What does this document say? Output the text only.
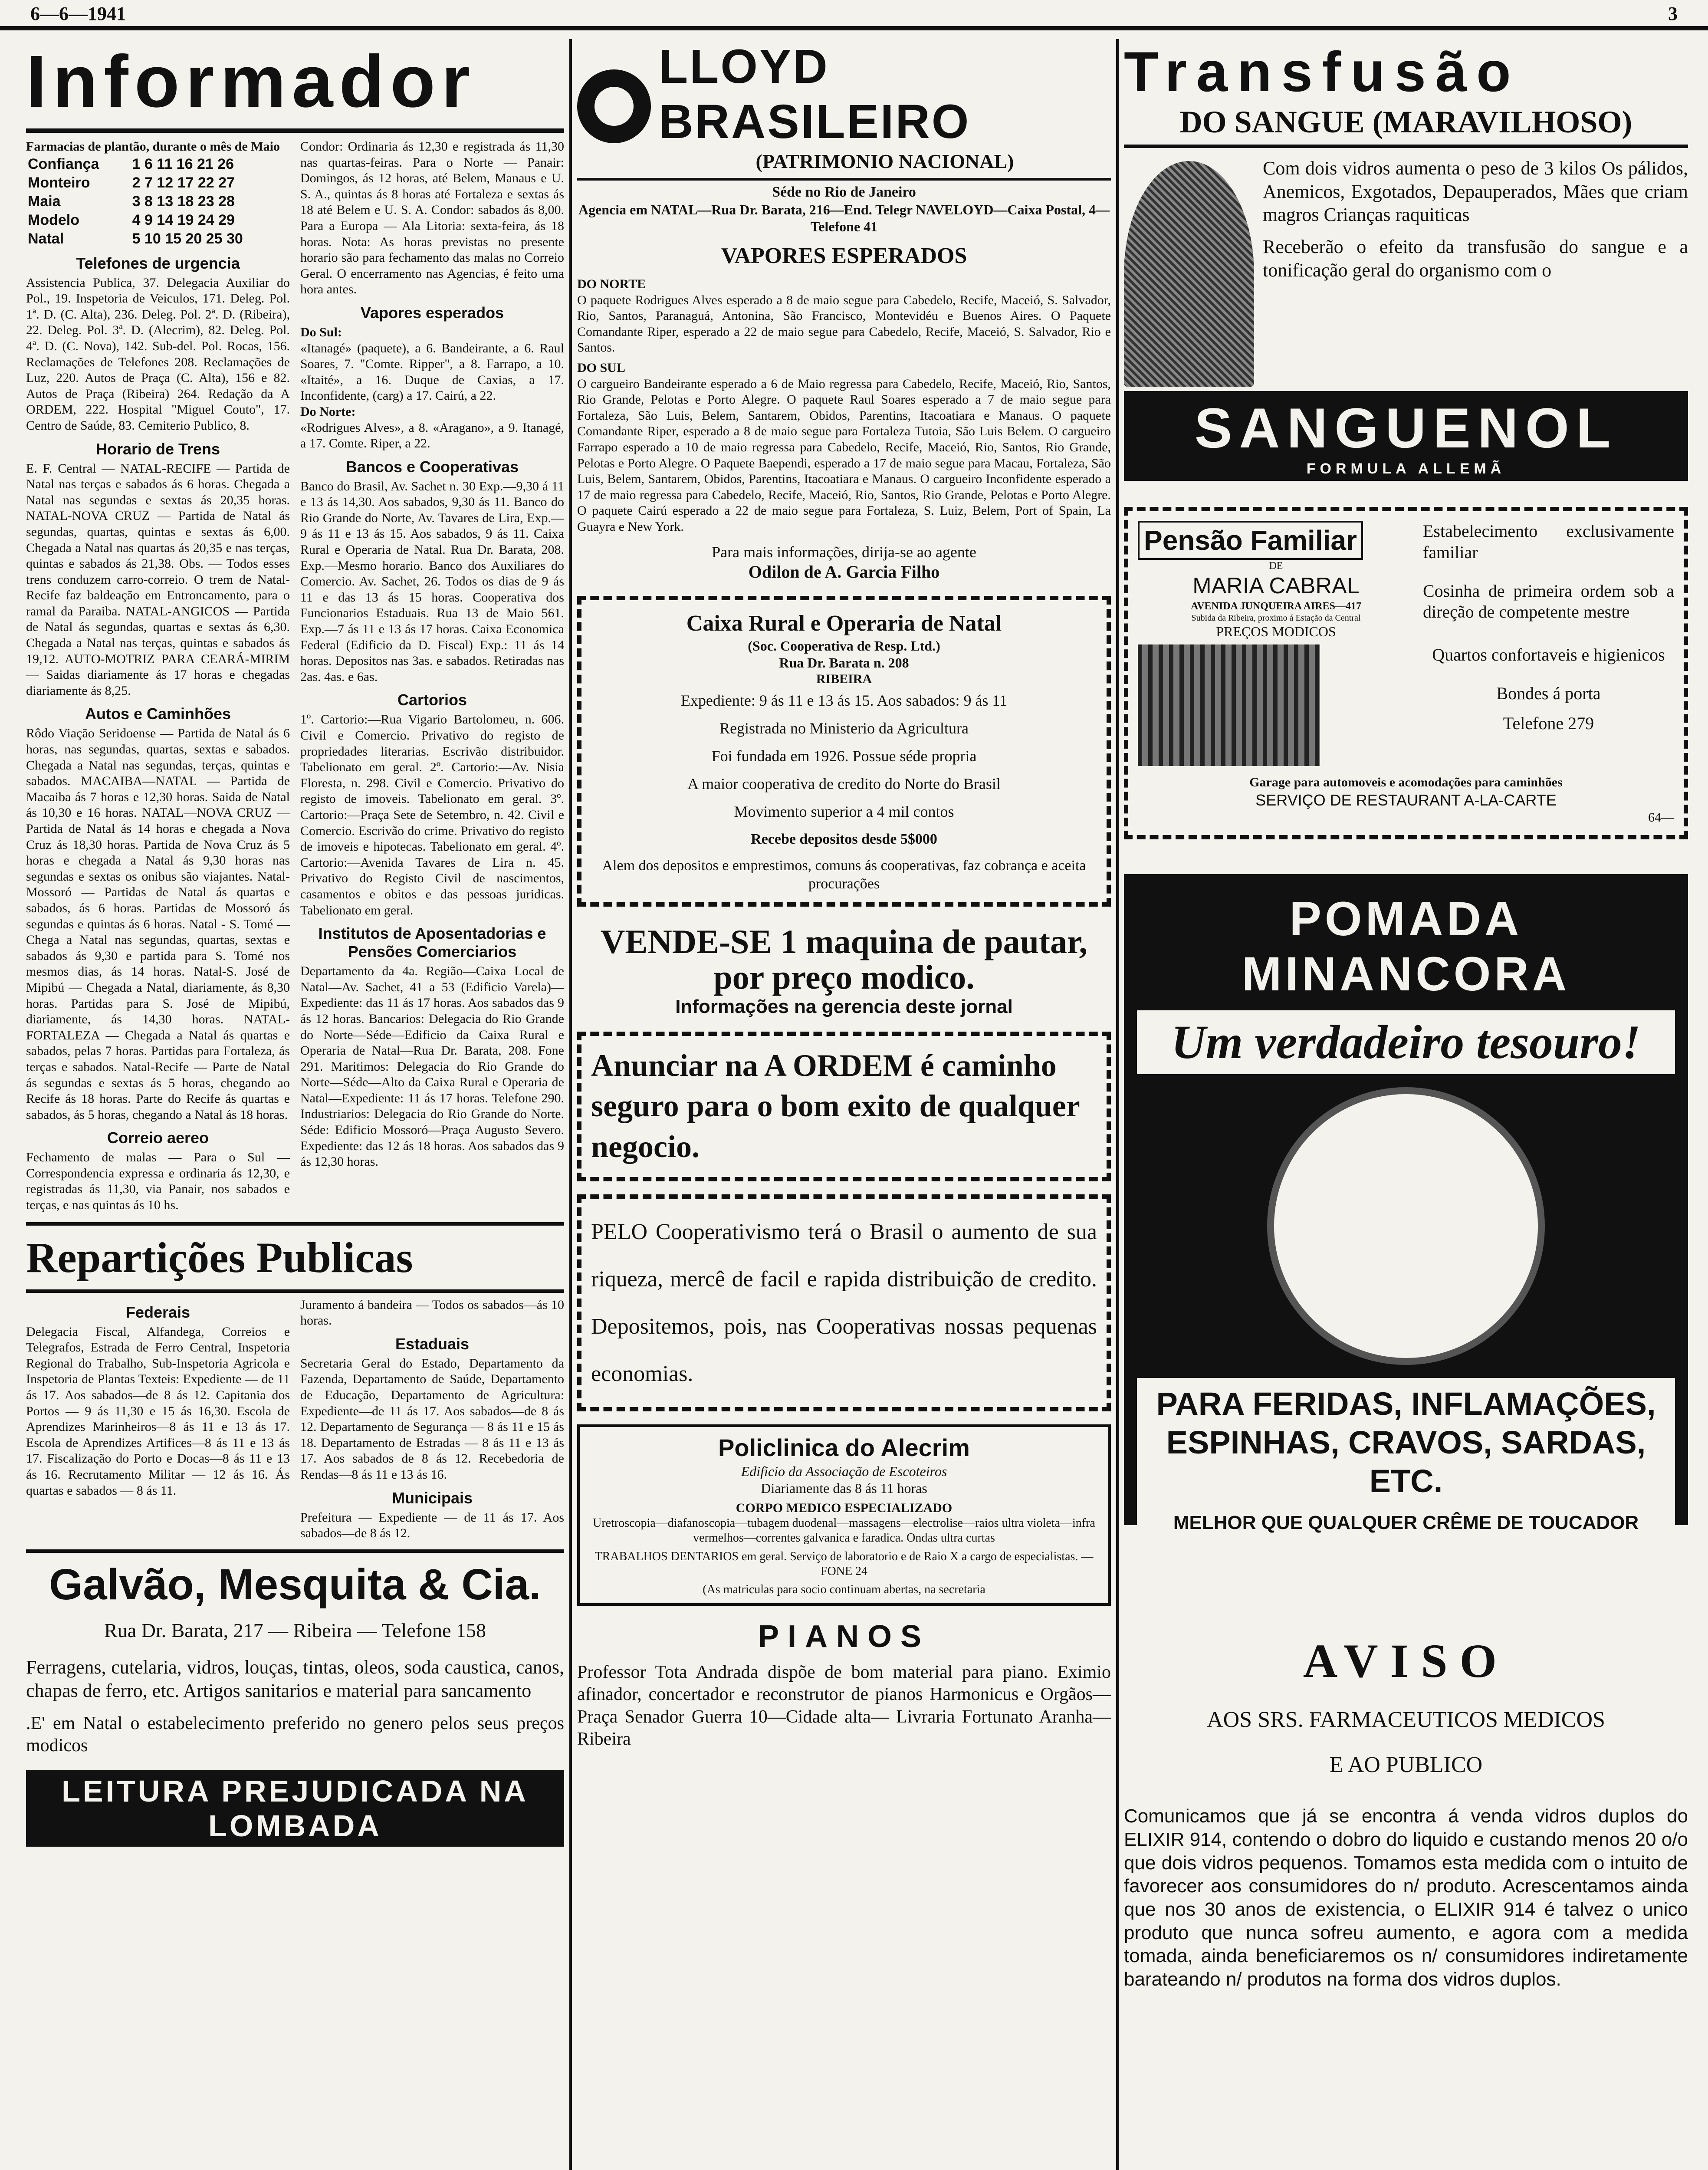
6—6—1941	3
Informador

Farmacias de plantão, durante o mês de Maio

Confiança	1 6 11 16 21 26
Monteiro	2 7 12 17 22 27
Maia	3 8 13 18 23 28
Modelo	4 9 14 19 24 29
Natal	5 10 15 20 25 30

Telefones de urgencia

Assistencia Publica, 37. Delegacia Auxiliar do Pol., 19. Inspetoria de Veiculos, 171. Deleg. Pol. 1ª. D. (C. Alta), 236. Deleg. Pol. 2ª. D. (Ribeira), 22. Deleg. Pol. 3ª. D. (Alecrim), 82. Deleg. Pol. 4ª. D. (C. Nova), 142. Sub-del. Pol. Rocas, 156. Reclamações de Telefones 208. Reclamações de Luz, 220. Autos de Praça (C. Alta), 156 e 82. Autos de Praça (Ribeira) 264. Redação da A ORDEM, 222. Hospital "Miguel Couto", 17. Centro de Saúde, 83. Cemiterio Publico, 8.

Horario de Trens

E. F. Central — NATAL-RECIFE — Partida de Natal nas terças e sabados ás 6 horas. Chegada a Natal nas segundas e sextas ás 20,35 horas. NATAL-NOVA CRUZ — Partida de Natal ás segundas, quartas, quintas e sextas ás 6,00. Chegada a Natal nas quartas ás 20,35 e nas terças, quintas e sabados ás 21,38. Obs. — Todos esses trens conduzem carro-correio. O trem de Natal-Recife faz baldeação em Entroncamento, para o ramal da Paraiba. NATAL-ANGICOS — Partida de Natal ás segundas, quartas e sextas ás 6,30. Chegada a Natal nas terças, quintas e sabados ás 19,12. AUTO-MOTRIZ PARA CEARÁ-MIRIM — Saidas diariamente ás 17 horas e chegadas diariamente ás 8,25.

Autos e Caminhões

Rôdo Viação Seridoense — Partida de Natal ás 6 horas, nas segundas, quartas, sextas e sabados. Chegada a Natal nas segundas, terças, quintas e sabados. MACAIBA—NATAL — Partida de Macaiba ás 7 horas e 12,30 horas. Saida de Natal ás 10,30 e 16 horas. NATAL—NOVA CRUZ — Partida de Natal ás 14 horas e chegada a Nova Cruz ás 18,30 horas. Partida de Nova Cruz ás 5 horas e chegada a Natal ás 9,30 horas nas segundas e sextas os onibus são viajantes. Natal-Mossoró — Partidas de Natal ás quartas e sabados, ás 6 horas. Partidas de Mossoró ás segundas e quintas ás 6 horas. Natal - S. Tomé — Chega a Natal nas segundas, quartas, sextas e sabados ás 9,30 e partida para S. Tomé nos mesmos dias, ás 14 horas. Natal-S. José de Mipibú — Chegada a Natal, diariamente, ás 8,30 horas. Partidas para S. José de Mipibú, diariamente, ás 14,30 horas. NATAL-FORTALEZA — Chegada a Natal ás quartas e sabados, pelas 7 horas. Partidas para Fortaleza, ás terças e sabados. Natal-Recife — Parte de Natal ás segundas e sextas ás 5 horas, chegando ao Recife ás 18 horas. Parte do Recife ás quartas e sabados, ás 5 horas, chegando a Natal ás 18 horas.

Correio aereo

Fechamento de malas — Para o Sul — Correspondencia expressa e ordinaria ás 12,30, e registradas ás 11,30, via Panair, nos sabados e terças, e nas quintas ás 10 hs.

Condor: Ordinaria ás 12,30 e registrada ás 11,30 nas quartas-feiras. Para o Norte — Panair: Domingos, ás 12 horas, até Belem, Manaus e U. S. A., quintas ás 8 horas até Fortaleza e sextas ás 18 até Belem e U. S. A. Condor: sabados ás 8,00. Para a Europa — Ala Litoria: sexta-feira, ás 18 horas. Nota: As horas previstas no presente horario são para fechamento das malas no Correio Geral. O encerramento nas Agencias, é feito uma hora antes.

Vapores esperados

Do Sul:

«Itanagé» (paquete), a 6. Bandeirante, a 6. Raul Soares, 7. "Comte. Ripper", a 8. Farrapo, a 10. «Itaité», a 16. Duque de Caxias, a 17. Inconfidente, (carg) a 17. Cairú, a 22.

Do Norte:

«Rodrigues Alves», a 8. «Aragano», a 9. Itanagé, a 17. Comte. Riper, a 22.

Bancos e Cooperativas

Banco do Brasil, Av. Sachet n. 30 Exp.—9,30 á 11 e 13 ás 14,30. Aos sabados, 9,30 ás 11. Banco do Rio Grande do Norte, Av. Tavares de Lira, Exp.—9 ás 11 e 13 ás 15. Aos sabados, 9 ás 11. Caixa Rural e Operaria de Natal. Rua Dr. Barata, 208. Exp.—Mesmo horario. Banco dos Auxiliares do Comercio. Av. Sachet, 26. Todos os dias de 9 ás 11 e das 13 ás 15 horas. Cooperativa dos Funcionarios Estaduais. Rua 13 de Maio 561. Exp.—7 ás 11 e 13 ás 17 horas. Caixa Economica Federal (Edificio da D. Fiscal) Exp.: 11 ás 14 horas. Depositos nas 3as. e sabados. Retiradas nas 2as. 4as. e 6as.

Cartorios

1º. Cartorio:—Rua Vigario Bartolomeu, n. 606. Civil e Comercio. Privativo do registo de propriedades literarias. Escrivão distribuidor. Tabelionato em geral. 2º. Cartorio:—Av. Nisia Floresta, n. 298. Civil e Comercio. Privativo do registo de imoveis. Tabelionato em geral. 3º. Cartorio:—Praça Sete de Setembro, n. 42. Civil e Comercio. Escrivão do crime. Privativo do registo de imoveis e hipotecas. Tabelionato em geral. 4º. Cartorio:—Avenida Tavares de Lira n. 45. Privativo do Registo Civil de nascimentos, casamentos e obitos e das pessoas juridicas. Tabelionato em geral.

Institutos de Aposentadorias e Pensões Comerciarios

Departamento da 4a. Região—Caixa Local de Natal—Av. Sachet, 41 a 53 (Edificio Varela)—Expediente: das 11 ás 17 horas. Aos sabados das 9 ás 12 horas. Bancarios: Delegacia do Rio Grande do Norte—Séde—Edificio da Caixa Rural e Operaria de Natal—Rua Dr. Barata, 208. Fone 291. Maritimos: Delegacia do Rio Grande do Norte—Séde—Alto da Caixa Rural e Operaria de Natal—Expediente: 11 ás 17 horas. Telefone 290. Industriarios: Delegacia do Rio Grande do Norte. Séde: Edificio Mossoró—Praça Augusto Severo. Expediente: das 12 ás 18 horas. Aos sabados das 9 ás 12,30 horas.

Repartições Publicas

Federais

Delegacia Fiscal, Alfandega, Correios e Telegrafos, Estrada de Ferro Central, Inspetoria Regional do Trabalho, Sub-Inspetoria Agricola e Inspetoria de Plantas Texteis: Expediente — de 11 ás 17. Aos sabados—de 8 ás 12. Capitania dos Portos — 9 ás 11,30 e 15 ás 16,30. Escola de Aprendizes Marinheiros—8 ás 11 e 13 ás 17. Escola de Aprendizes Artifices—8 ás 11 e 13 ás 17. Fiscalização do Porto e Docas—8 ás 11 e 13 ás 16. Recrutamento Militar — 12 ás 16. Ás quartas e sabados — 8 ás 11.

Juramento á bandeira — Todos os sabados—ás 10 horas.

Estaduais

Secretaria Geral do Estado, Departamento da Fazenda, Departamento de Saúde, Departamento de Educação, Departamento de Agricultura: Expediente—de 11 ás 17. Aos sabados—de 8 ás 12. Departamento de Segurança — 8 ás 11 e 15 ás 18. Departamento de Estradas — 8 ás 11 e 13 ás 17. Aos sabados de 8 ás 12. Recebedoria de Rendas—8 ás 11 e 13 ás 16.

Municipais

Prefeitura — Expediente — de 11 ás 17. Aos sabados—de 8 ás 12.

Galvão, Mesquita & Cia.

Rua Dr. Barata, 217 — Ribeira — Telefone 158

Ferragens, cutelaria, vidros, louças, tintas, oleos, soda caustica, canos, chapas de ferro, etc. Artigos sanitarios e material para sancamento

.E' em Natal o estabelecimento preferido no genero pelos seus preços modicos

LEITURA PREJUDICADA NA LOMBADA
LLOYD BRASILEIRO

(PATRIMONIO NACIONAL)

Séde no Rio de Janeiro

Agencia em NATAL—Rua Dr. Barata, 216—End. Telegr NAVELOYD—Caixa Postal, 4—Telefone 41

VAPORES ESPERADOS

DO NORTE

O paquete Rodrigues Alves esperado a 8 de maio segue para Cabedelo, Recife, Maceió, S. Salvador, Rio, Santos, Paranaguá, Antonina, São Francisco, Montevidéu e Buenos Aires. O Paquete Comandante Riper, esperado a 22 de maio segue para Cabedelo, Recife, Maceió, S. Salvador, Rio e Santos.

DO SUL

O cargueiro Bandeirante esperado a 6 de Maio regressa para Cabedelo, Recife, Maceió, Rio, Santos, Rio Grande, Pelotas e Porto Alegre. O paquete Raul Soares esperado a 7 de maio segue para Fortaleza, São Luis, Belem, Santarem, Obidos, Parentins, Itacoatiara e Manaus. O paquete Comandante Riper, esperado a 8 de maio segue para Fortaleza Tutoia, São Luis Belem. O cargueiro Farrapo esperado a 10 de maio regressa para Cabedelo, Recife, Maceió, Rio, Santos, Rio Grande, Pelotas e Porto Alegre. O Paquete Baependi, esperado a 17 de maio segue para Macau, Fortaleza, São Luis, Belem, Santarem, Obidos, Parentins, Itacoatiara e Manaus. O cargueiro Inconfidente esperado a 17 de maio regressa para Cabedelo, Recife, Maceió, Rio, Santos, Rio Grande, Pelotas e Porto Alegre. O paquete Cairú esperado a 22 de maio segue para Fortaleza, S. Luiz, Belem, Port of Spain, La Guayra e New York.

Para mais informações, dirija-se ao agente

Odilon de A. Garcia Filho

Caixa Rural e Operaria de Natal

(Soc. Cooperativa de Resp. Ltd.)

Rua Dr. Barata n. 208

RIBEIRA

Expediente: 9 ás 11 e 13 ás 15. Aos sabados: 9 ás 11

Registrada no Ministerio da Agricultura

Foi fundada em 1926. Possue séde propria

A maior cooperativa de credito do Norte do Brasil

Movimento superior a 4 mil contos

Recebe depositos desde 5$000

Alem dos depositos e emprestimos, comuns ás cooperativas, faz cobrança e aceita procurações

VENDE-SE 1 maquina de pautar, por preço modico.

Informações na gerencia deste jornal

Anunciar na A ORDEM é caminho seguro para o bom exito de qualquer negocio.

PELO Cooperativismo terá o Brasil o aumento de sua riqueza, mercê de facil e rapida distribuição de credito. Depositemos, pois, nas Cooperativas nossas pequenas economias.

Policlinica do Alecrim

Edificio da Associação de Escoteiros

Diariamente das 8 ás 11 horas

CORPO MEDICO ESPECIALIZADO

Uretroscopia—diafanoscopia—tubagem duodenal—massagens—electrolise—raios ultra violeta—infra vermelhos—correntes galvanica e faradica. Ondas ultra curtas

TRABALHOS DENTARIOS em geral. Serviço de laboratorio e de Raio X a cargo de especialistas. —FONE 24

(As matriculas para socio continuam abertas, na secretaria

PIANOS

Professor Tota Andrada dispõe de bom material para piano. Eximio afinador, concertador e reconstrutor de pianos Harmonicus e Orgãos—Praça Senador Guerra 10—Cidade alta— Livraria Fortunato Aranha—Ribeira

Transfusão

DO SANGUE (MARAVILHOSO)

Com dois vidros aumenta o peso de 3 kilos Os pálidos, Anemicos, Exgotados, Depauperados, Mães que criam magros Crianças raquiticas

Receberão o efeito da transfusão do sangue e a tonificação geral do organismo com o

SANGUENOL
FORMULA ALLEMÃ
Pensão Familiar

DE

MARIA CABRAL

AVENIDA JUNQUEIRA AIRES—417

Subida da Ribeira, proximo á Estação da Central

PREÇOS MODICOS

Estabelecimento exclusivamente familiar

Cosinha de primeira ordem sob a direção de competente mestre

Quartos confortaveis e higienicos

Bondes á porta

Telefone 279

Garage para automoveis e acomodações para caminhões

SERVIÇO DE RESTAURANT A-LA-CARTE

64—

POMADA MINANCORA

Um verdadeiro tesouro!

PARA FERIDAS, INFLAMAÇÕES, ESPINHAS, CRAVOS, SARDAS, ETC.

MELHOR QUE QUALQUER CRÊME DE TOUCADOR

AVISO

AOS SRS. FARMACEUTICOS MEDICOS

E AO PUBLICO

Comunicamos que já se encontra á venda vidros duplos do ELIXIR 914, contendo o dobro do liquido e custando menos 20 o/o que dois vidros pequenos. Tomamos esta medida com o intuito de favorecer aos consumidores do n/ produto. Acrescentamos ainda que nos 30 anos de existencia, o ELIXIR 914 é talvez o unico produto que nunca sofreu aumento, e agora com a medida tomada, ainda beneficiaremos os n/ consumidores indiretamente barateando n/ produtos na forma dos vidros duplos.
